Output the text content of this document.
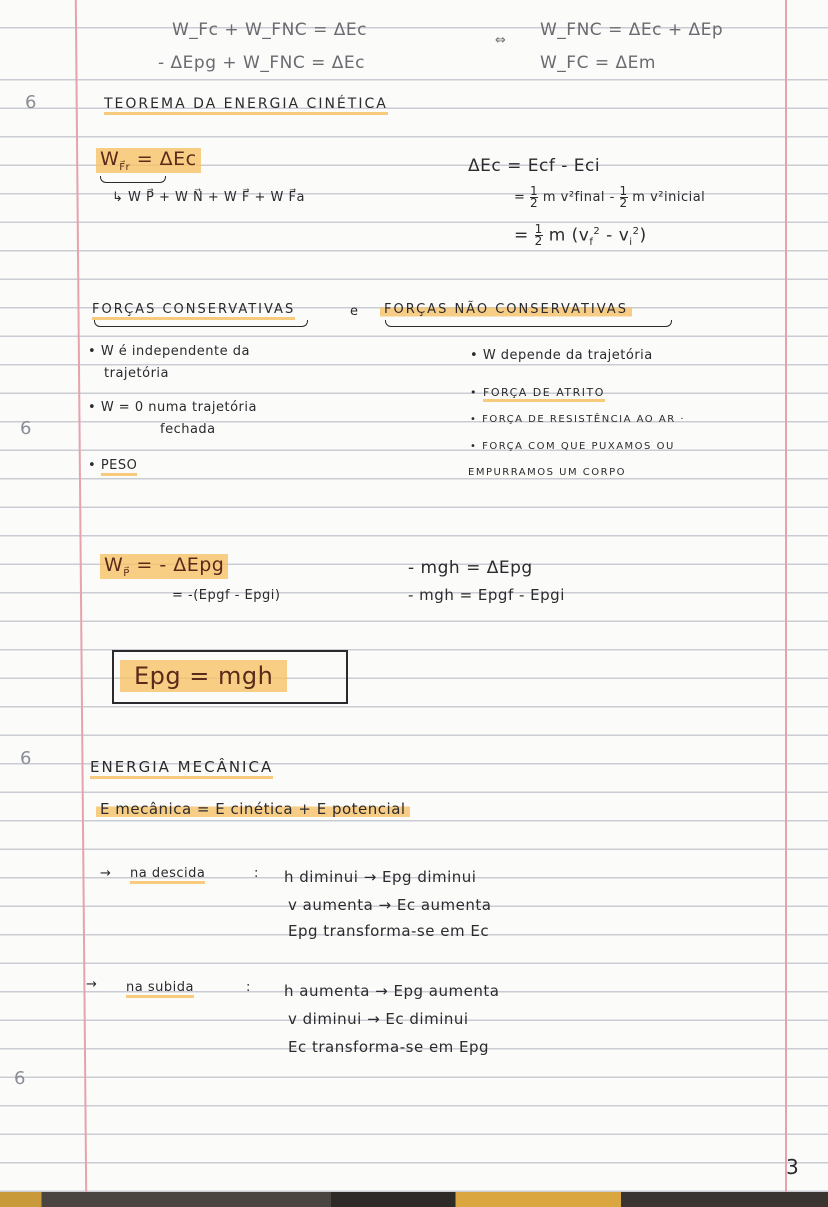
6
6
6
6
W_Fc + W_FNC = ΔEc
- ΔEpg + W_FNC = ΔEc
⇔
W_FNC = ΔEc + ΔEp
W_FC = ΔEm
TEOREMA DA ENERGIA CINÉTICA
$W_{F⃗r} = \Delta Ec$
↳ W P⃗ + W N⃗ + W F⃗ + W F⃗a
ΔEc = Ecf - Eci
= $\frac{1}{2}$ m v²final - $\frac{1}{2}$ m v²inicial
= $\frac{1}{2}$ m $(v_f^2 - v_i^2)$
FORÇAS CONSERVATIVAS	e	FORÇAS NÃO CONSERVATIVAS
• W é independente da
trajetória
• W = 0 numa trajetória
fechada
• PESO
• W depende da trajetória
• FORÇA DE ATRITO
• FORÇA DE RESISTÊNCIA AO AR ·
• FORÇA COM QUE PUXAMOS OU
EMPURRAMOS UM CORPO
$W_{P⃗}$ = - ΔEpg
= -(Epgf - Epgi)
- mgh = ΔEpg
- mgh = Epgf - Epgi
Epg = mgh
ENERGIA MECÂNICA
E mecânica = E cinética + E potencial
→ na descida	: h diminui → Epg diminui
v aumenta → Ec aumenta
Epg transforma-se em Ec
→ na subida	: h aumenta → Epg aumenta
v diminui → Ec diminui
Ec transforma-se em Epg
3
